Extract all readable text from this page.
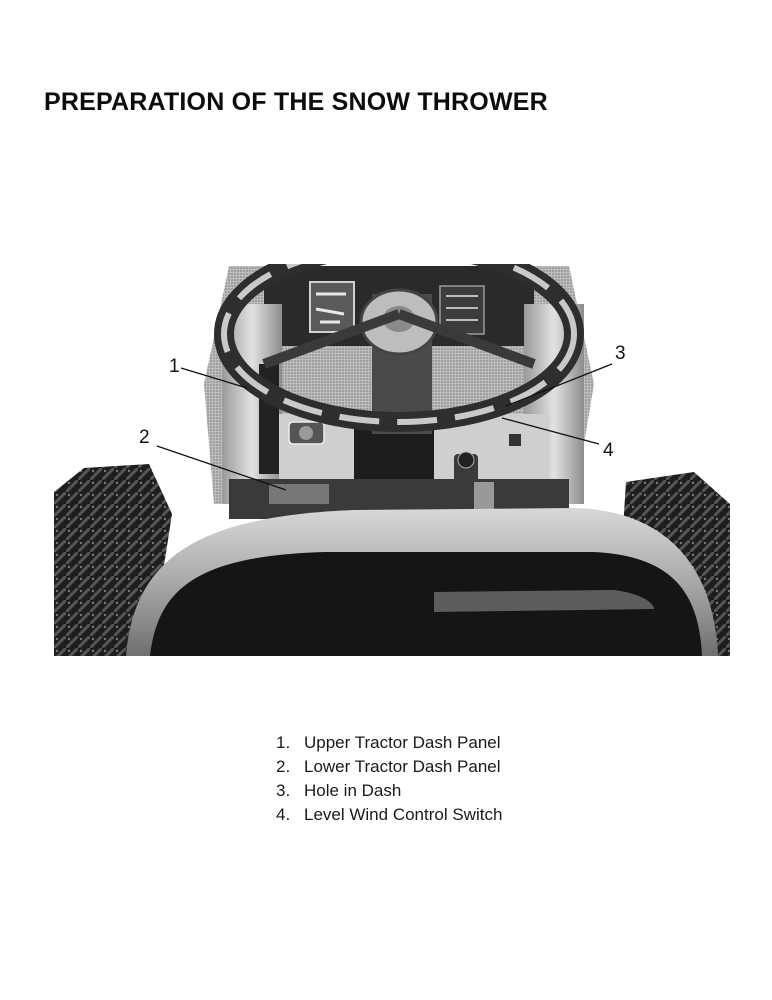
PREPARATION OF THE SNOW THROWER
1
2
3
4
1. Upper Tractor Dash Panel
2. Lower Tractor Dash Panel
3. Hole in Dash
4. Level Wind Control Switch
